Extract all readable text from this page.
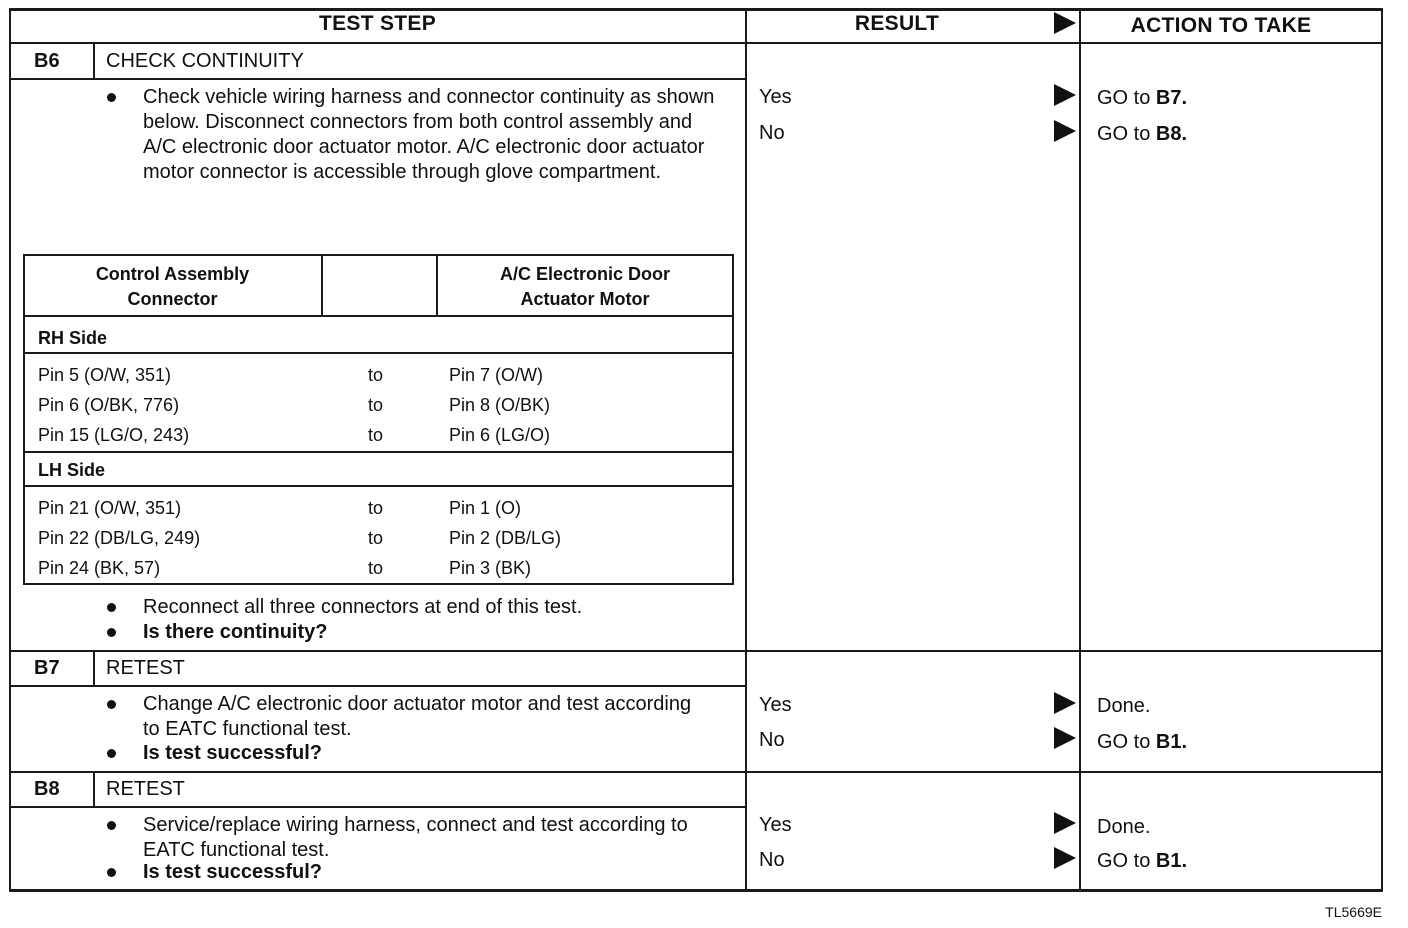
TEST STEP	RESULT	ACTION TO TAKE
B6 CHECK CONTINUITY
Check vehicle wiring harness and connector continuity as shown below. Disconnect connectors from both control assembly and A/C electronic door actuator motor. A/C electronic door actuator motor connector is accessible through glove compartment.
Control Assembly Connector
A/C Electronic Door Actuator Motor
RH Side
Pin 5 (O/W, 351)	to	Pin 7 (O/W)
Pin 6 (O/BK, 776)	to	Pin 8 (O/BK)
Pin 15 (LG/O, 243)	to	Pin 6 (LG/O)
LH Side
Pin 21 (O/W, 351)	to	Pin 1 (O)
Pin 22 (DB/LG, 249)	to	Pin 2 (DB/LG)
Pin 24 (BK, 57)	to	Pin 3 (BK)
Reconnect all three connectors at end of this test.
Is there continuity?
Yes	GO to B7.
No	GO to B8.
B7 RETEST
Change A/C electronic door actuator motor and test according to EATC functional test.
Is test successful?
Yes	Done.
No	GO to B1.
B8 RETEST
Service/replace wiring harness, connect and test according to EATC functional test.
Is test successful?
Yes	Done.
No	GO to B1.
TL5669E
